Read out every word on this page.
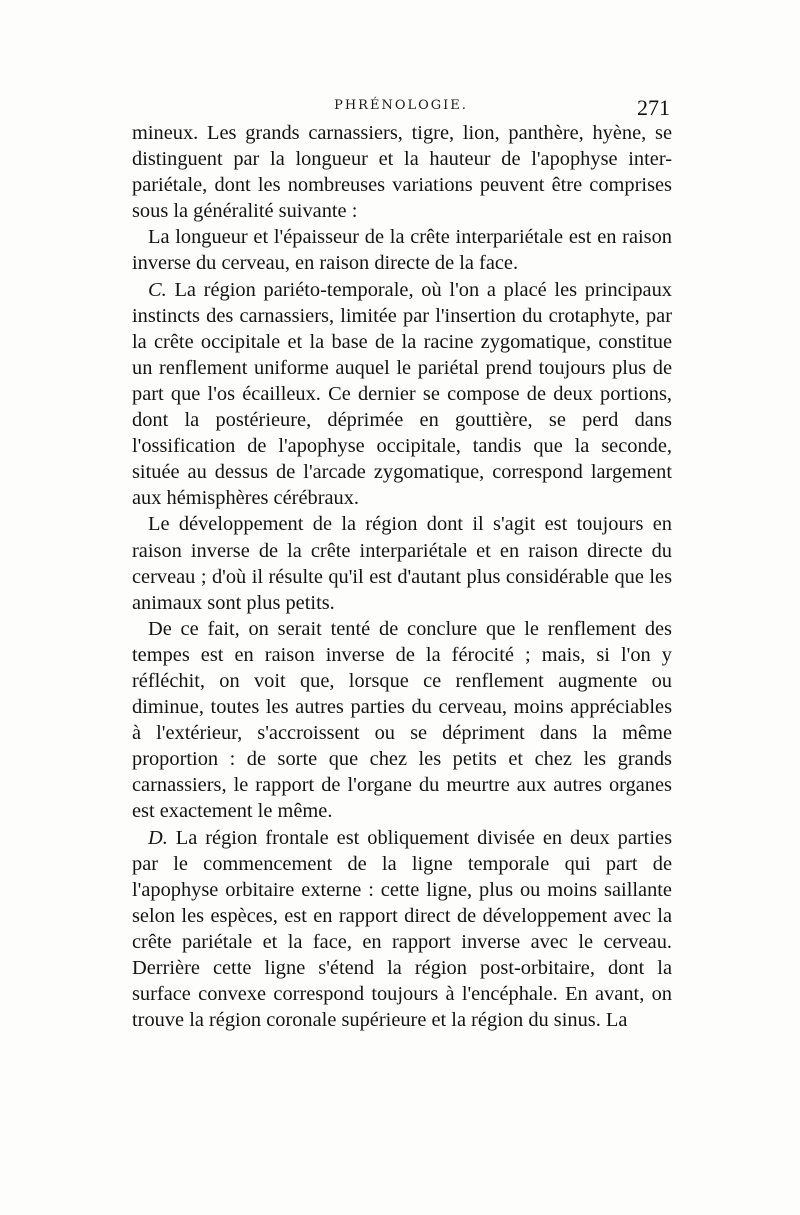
PHRÉNOLOGIE.	271

mineux. Les grands carnassiers, tigre, lion, panthère, hyène, se distinguent par la longueur et la hauteur de l'apophyse inter-pariétale, dont les nombreuses variations peuvent être comprises sous la généralité suivante :

La longueur et l'épaisseur de la crête interpariétale est en raison inverse du cerveau, en raison directe de la face.

C. La région pariéto-temporale, où l'on a placé les principaux instincts des carnassiers, limitée par l'insertion du crotaphyte, par la crête occipitale et la base de la racine zygomatique, constitue un renflement uniforme auquel le pariétal prend toujours plus de part que l'os écailleux. Ce dernier se compose de deux portions, dont la postérieure, déprimée en gouttière, se perd dans l'ossification de l'apophyse occipitale, tandis que la seconde, située au dessus de l'arcade zygomatique, correspond largement aux hémisphères cérébraux.

Le développement de la région dont il s'agit est toujours en raison inverse de la crête interpariétale et en raison directe du cerveau ; d'où il résulte qu'il est d'autant plus considérable que les animaux sont plus petits.

De ce fait, on serait tenté de conclure que le renflement des tempes est en raison inverse de la férocité ; mais, si l'on y réfléchit, on voit que, lorsque ce renflement augmente ou diminue, toutes les autres parties du cerveau, moins appréciables à l'extérieur, s'accroissent ou se dépriment dans la même proportion : de sorte que chez les petits et chez les grands carnassiers, le rapport de l'organe du meurtre aux autres organes est exactement le même.

D. La région frontale est obliquement divisée en deux parties par le commencement de la ligne temporale qui part de l'apophyse orbitaire externe : cette ligne, plus ou moins saillante selon les espèces, est en rapport direct de développement avec la crête pariétale et la face, en rapport inverse avec le cerveau. Derrière cette ligne s'étend la région post-orbitaire, dont la surface convexe correspond toujours à l'encéphale. En avant, on trouve la région coronale supérieure et la région du sinus. La
